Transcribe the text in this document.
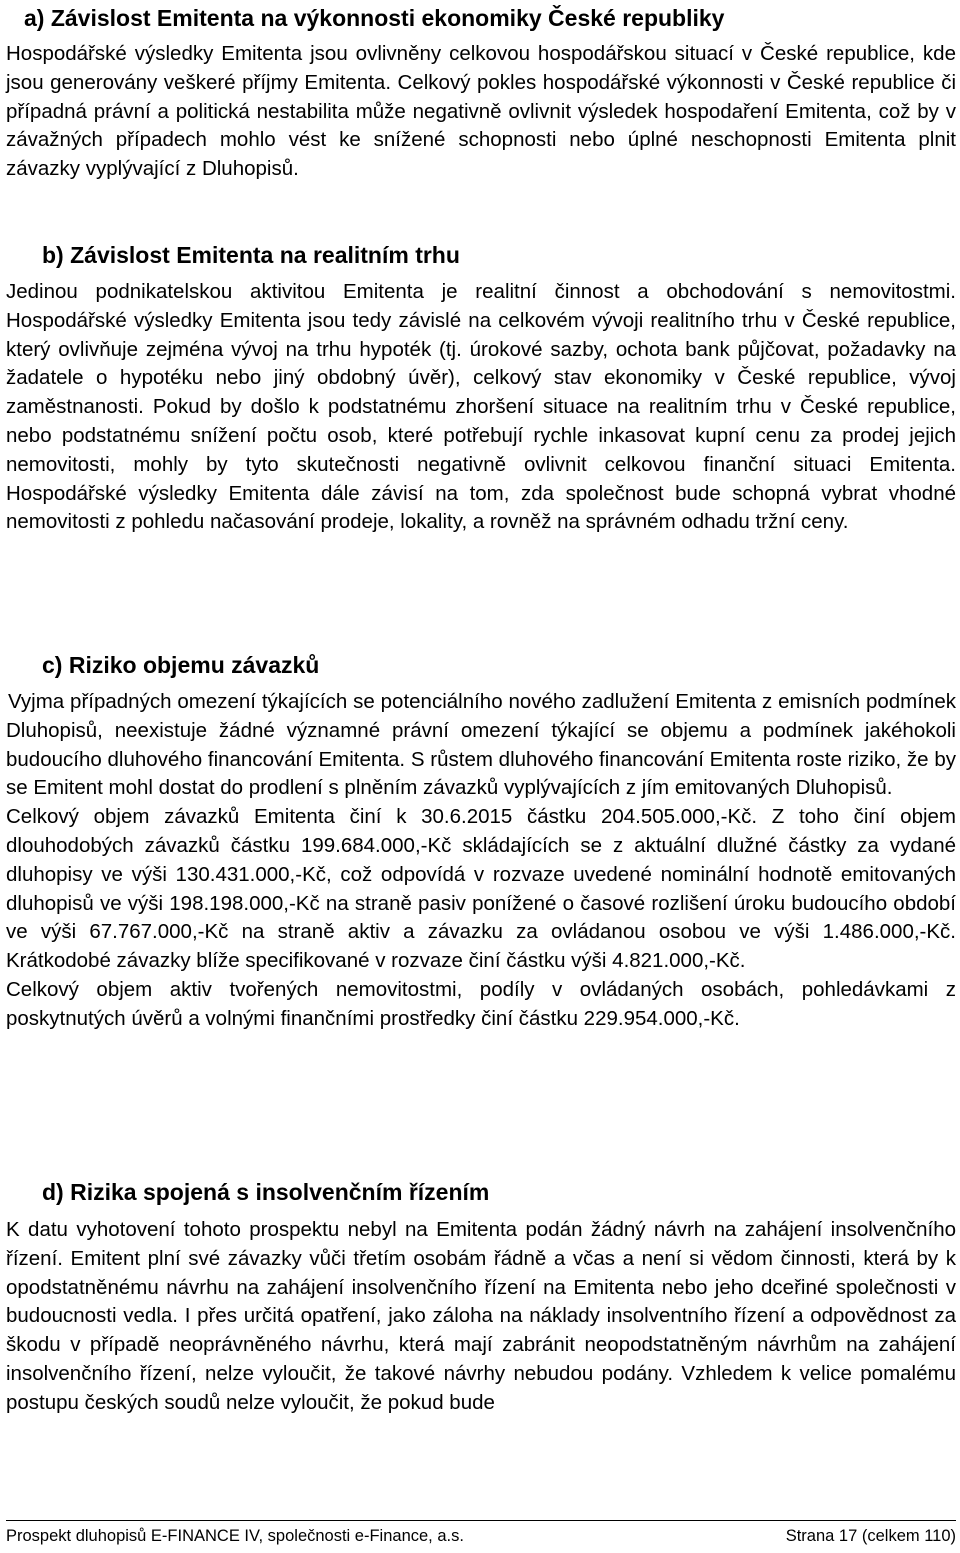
a) Závislost Emitenta na výkonnosti ekonomiky České republiky

Hospodářské výsledky Emitenta jsou ovlivněny celkovou hospodářskou situací v České republice, kde jsou generovány veškeré příjmy Emitenta. Celkový pokles hospodářské výkonnosti v České republice či případná právní a politická nestabilita může negativně ovlivnit výsledek hospodaření Emitenta, což by v závažných případech mohlo vést ke snížené schopnosti nebo úplné neschopnosti Emitenta plnit závazky vyplývající z Dluhopisů.

b) Závislost Emitenta na realitním trhu

Jedinou podnikatelskou aktivitou Emitenta je realitní činnost a obchodování s nemovitostmi. Hospodářské výsledky Emitenta jsou tedy závislé na celkovém vývoji realitního trhu v České republice, který ovlivňuje zejména vývoj na trhu hypoték (tj. úrokové sazby, ochota bank půjčovat, požadavky na žadatele o hypotéku nebo jiný obdobný úvěr), celkový stav ekonomiky v České republice, vývoj zaměstnanosti. Pokud by došlo k podstatnému zhoršení situace na realitním trhu v České republice, nebo podstatnému snížení počtu osob, které potřebují rychle inkasovat kupní cenu za prodej jejich nemovitosti, mohly by tyto skutečnosti negativně ovlivnit celkovou finanční situaci Emitenta. Hospodářské výsledky Emitenta dále závisí na tom, zda společnost bude schopná vybrat vhodné nemovitosti z pohledu načasování prodeje, lokality, a rovněž na správném odhadu tržní ceny.

c) Riziko objemu závazků

Vyjma případných omezení týkajících se potenciálního nového zadlužení Emitenta z emisních podmínek Dluhopisů, neexistuje žádné významné právní omezení týkající se objemu a podmínek jakéhokoli budoucího dluhového financování Emitenta. S růstem dluhového financování Emitenta roste riziko, že by se Emitent mohl dostat do prodlení s plněním závazků vyplývajících z jím emitovaných Dluhopisů.

Celkový objem závazků Emitenta činí k 30.6.2015 částku 204.505.000,-Kč. Z toho činí objem dlouhodobých závazků částku 199.684.000,-Kč skládajících se z aktuální dlužné částky za vydané dluhopisy ve výši 130.431.000,-Kč, což odpovídá v rozvaze uvedené nominální hodnotě emitovaných dluhopisů ve výši 198.198.000,-Kč na straně pasiv ponížené o časové rozlišení úroku budoucího období ve výši 67.767.000,-Kč na straně aktiv a závazku za ovládanou osobou ve výši 1.486.000,-Kč. Krátkodobé závazky blíže specifikované v rozvaze činí částku výši 4.821.000,-Kč.

Celkový objem aktiv tvořených nemovitostmi, podíly v ovládaných osobách, pohledávkami z poskytnutých úvěrů a volnými finančními prostředky činí částku 229.954.000,-Kč.

d) Rizika spojená s insolvenčním řízením

K datu vyhotovení tohoto prospektu nebyl na Emitenta podán žádný návrh na zahájení insolvenčního řízení. Emitent plní své závazky vůči třetím osobám řádně a včas a není si vědom činnosti, která by k opodstatněnému návrhu na zahájení insolvenčního řízení na Emitenta nebo jeho dceřiné společnosti v budoucnosti vedla. I přes určitá opatření, jako záloha na náklady insolventního řízení a odpovědnost za škodu v případě neoprávněného návrhu, která mají zabránit neopodstatněným návrhům na zahájení insolvenčního řízení, nelze vyloučit, že takové návrhy nebudou podány. Vzhledem k velice pomalému postupu českých soudů nelze vyloučit, že pokud bude

Prospekt dluhopisů E-FINANCE IV, společnosti e-Finance, a.s.	Strana 17 (celkem 110)
